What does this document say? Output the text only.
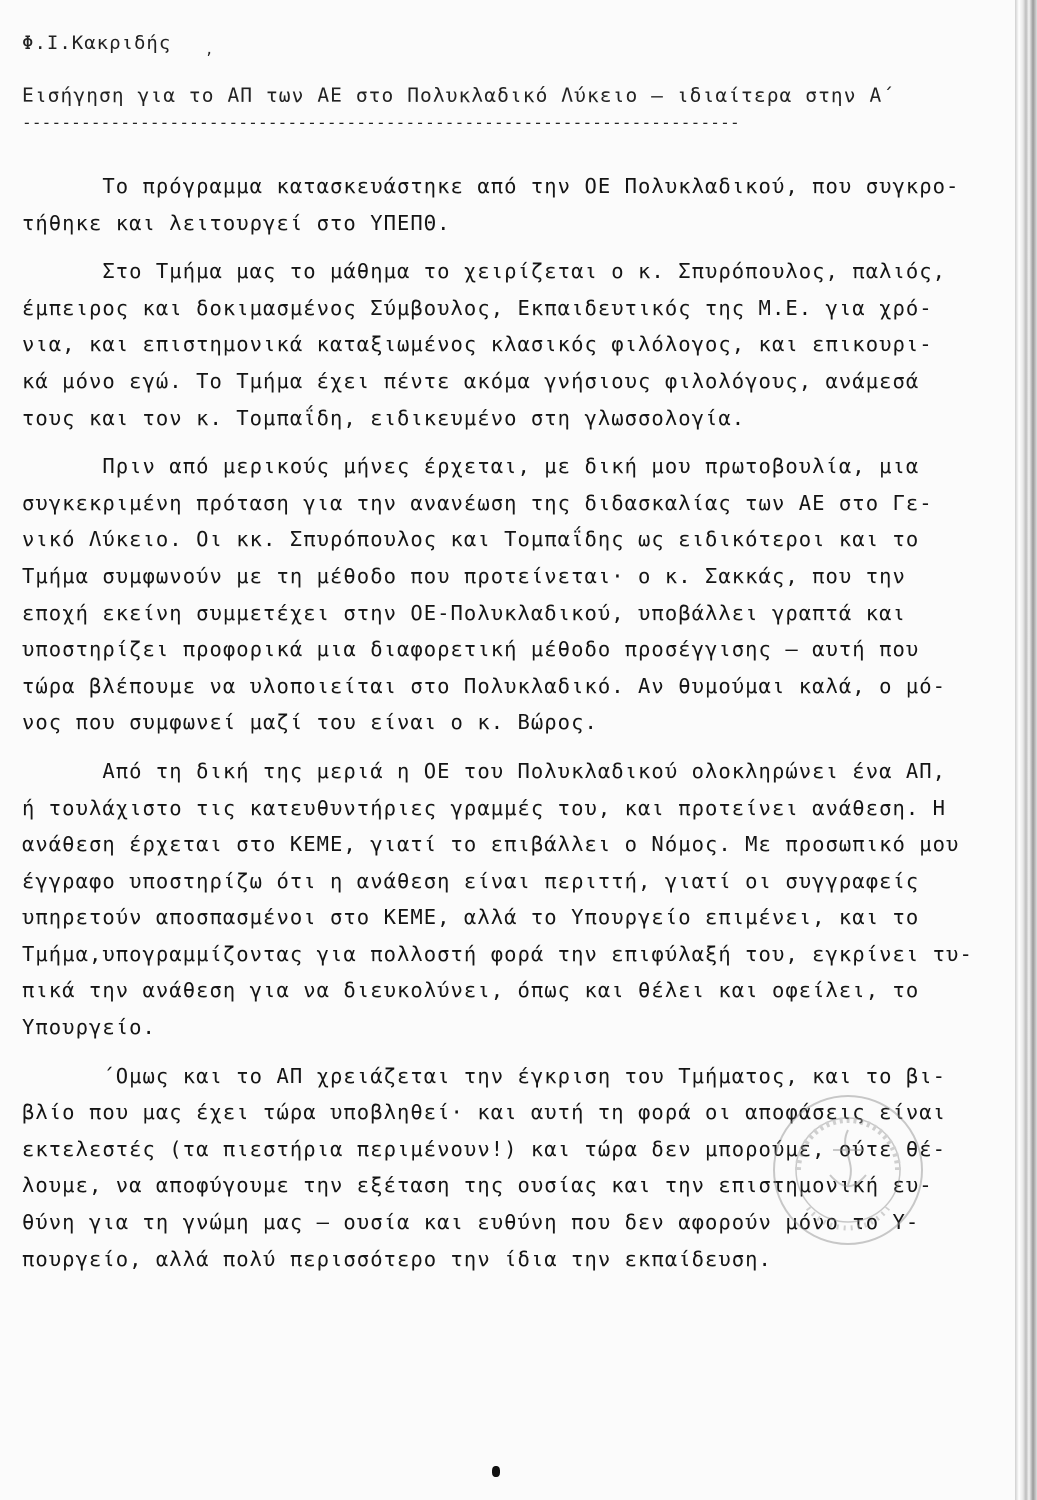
Φ.Ι.Κακριδής ,
Εισήγηση για το ΑΠ των ΑΕ στο Πολυκλαδικό Λύκειο — ιδιαίτερα στην Α΄
-------------------------------------------------------------------------

Το πρόγραμμα κατασκευάστηκε από την ΟΕ Πολυκλαδικού, που συγκρο-
τήθηκε και λειτουργεί στο ΥΠΕΠΘ.

Στο Τμήμα μας το μάθημα το χειρίζεται ο κ. Σπυρόπουλος, παλιός,
έμπειρος και δοκιμασμένος Σύμβουλος, Εκπαιδευτικός της Μ.Ε. για χρό-
νια, και επιστημονικά καταξιωμένος κλασικός φιλόλογος, και επικουρι-
κά μόνο εγώ. Το Τμήμα έχει πέντε ακόμα γνήσιους φιλολόγους, ανάμεσά
τους και τον κ. Τομπαΐδη, ειδικευμένο στη γλωσσολογία.

Πριν από μερικούς μήνες έρχεται, με δική μου πρωτοβουλία, μια
συγκεκριμένη πρόταση για την ανανέωση της διδασκαλίας των ΑΕ στο Γε-
νικό Λύκειο. Οι κκ. Σπυρόπουλος και Τομπαΐδης ως ειδικότεροι και το
Τμήμα συμφωνούν με τη μέθοδο που προτείνεται· ο κ. Σακκάς, που την
εποχή εκείνη συμμετέχει στην ΟΕ-Πολυκλαδικού, υποβάλλει γραπτά και
υποστηρίζει προφορικά μια διαφορετική μέθοδο προσέγγισης — αυτή που
τώρα βλέπουμε να υλοποιείται στο Πολυκλαδικό. Αν θυμούμαι καλά, ο μό-
νος που συμφωνεί μαζί του είναι ο κ. Βώρος.

Από τη δική της μεριά η ΟΕ του Πολυκλαδικού ολοκληρώνει ένα ΑΠ,
ή τουλάχιστο τις κατευθυντήριες γραμμές του, και προτείνει ανάθεση. Η
ανάθεση έρχεται στο ΚΕΜΕ, γιατί το επιβάλλει ο Νόμος. Με προσωπικό μου
έγγραφο υποστηρίζω ότι η ανάθεση είναι περιττή, γιατί οι συγγραφείς
υπηρετούν αποσπασμένοι στο ΚΕΜΕ, αλλά το Υπουργείο επιμένει, και το
Τμήμα,υπογραμμίζοντας για πολλοστή φορά την επιφύλαξή του, εγκρίνει τυ-
πικά την ανάθεση για να διευκολύνει, όπως και θέλει και οφείλει, το
Υπουργείο.

΄Ομως και το ΑΠ χρειάζεται την έγκριση του Τμήματος, και το βι-
βλίο που μας έχει τώρα υποβληθεί· και αυτή τη φορά οι αποφάσεις είναι
εκτελεστές (τα πιεστήρια περιμένουν!) και τώρα δεν μπορούμε, ούτε θέ-
λουμε, να αποφύγουμε την εξέταση της ουσίας και την επιστημονική ευ-
θύνη για τη γνώμη μας — ουσία και ευθύνη που δεν αφορούν μόνο το Υ-
πουργείο, αλλά πολύ περισσότερο την ίδια την εκπαίδευση.
